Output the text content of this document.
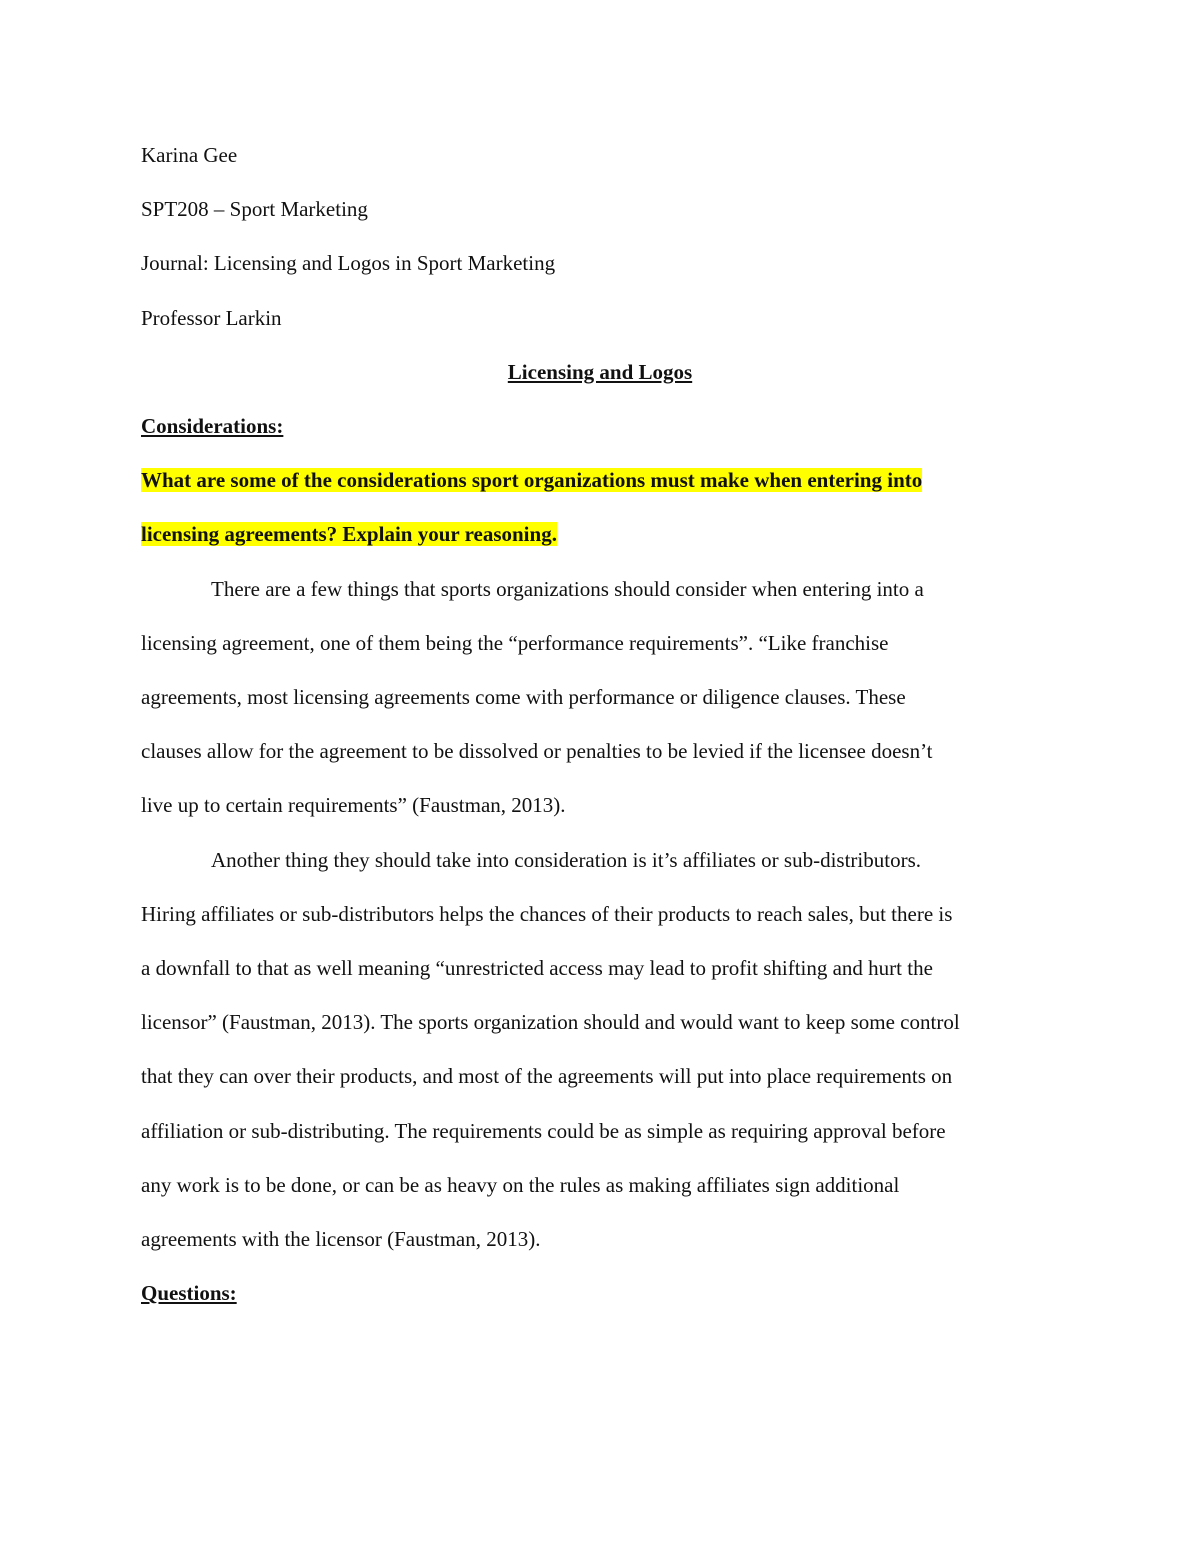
Karina Gee

SPT208 – Sport Marketing

Journal: Licensing and Logos in Sport Marketing

Professor Larkin

Licensing and Logos

Considerations:

What are some of the considerations sport organizations must make when entering into

licensing agreements? Explain your reasoning.

There are a few things that sports organizations should consider when entering into a
licensing agreement, one of them being the “performance requirements”. “Like franchise
agreements, most licensing agreements come with performance or diligence clauses. These
clauses allow for the agreement to be dissolved or penalties to be levied if the licensee doesn’t
live up to certain requirements” (Faustman, 2013).

Another thing they should take into consideration is it’s affiliates or sub-distributors.
Hiring affiliates or sub-distributors helps the chances of their products to reach sales, but there is
a downfall to that as well meaning “unrestricted access may lead to profit shifting and hurt the
licensor” (Faustman, 2013). The sports organization should and would want to keep some control
that they can over their products, and most of the agreements will put into place requirements on
affiliation or sub-distributing. The requirements could be as simple as requiring approval before
any work is to be done, or can be as heavy on the rules as making affiliates sign additional
agreements with the licensor (Faustman, 2013).

Questions:
